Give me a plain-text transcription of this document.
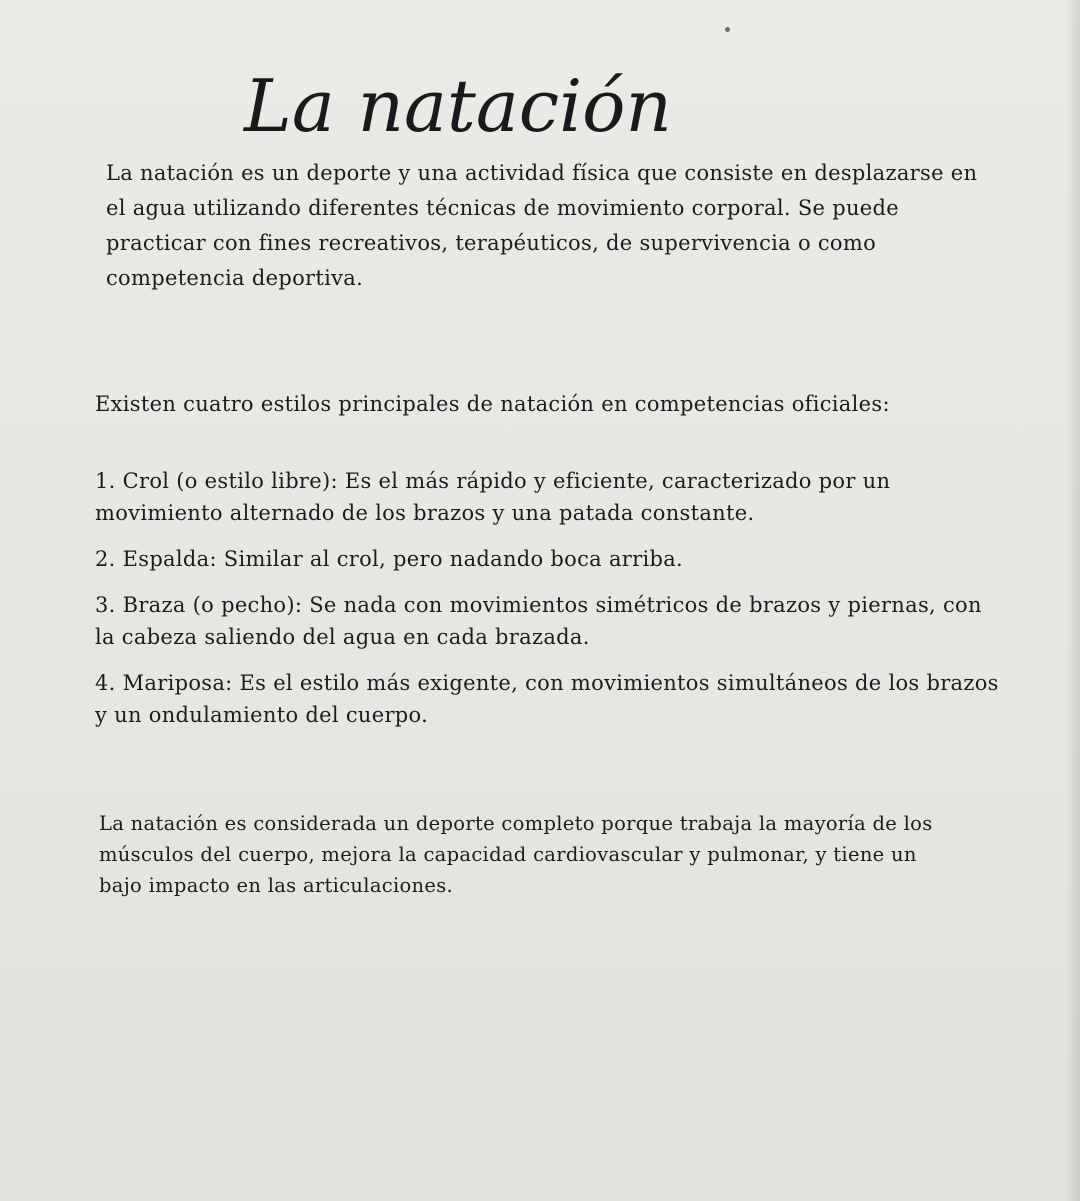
La natación

La natación es un deporte y una actividad física que consiste en desplazarse en el agua utilizando diferentes técnicas de movimiento corporal. Se puede practicar con fines recreativos, terapéuticos, de supervivencia o como competencia deportiva.

Existen cuatro estilos principales de natación en competencias oficiales:

1. Crol (o estilo libre): Es el más rápido y eficiente, caracterizado por un movimiento alternado de los brazos y una patada constante.

2. Espalda: Similar al crol, pero nadando boca arriba.

3. Braza (o pecho): Se nada con movimientos simétricos de brazos y piernas, con la cabeza saliendo del agua en cada brazada.

4. Mariposa: Es el estilo más exigente, con movimientos simultáneos de los brazos y un ondulamiento del cuerpo.

La natación es considerada un deporte completo porque trabaja la mayoría de los músculos del cuerpo, mejora la capacidad cardiovascular y pulmonar, y tiene un bajo impacto en las articulaciones.
